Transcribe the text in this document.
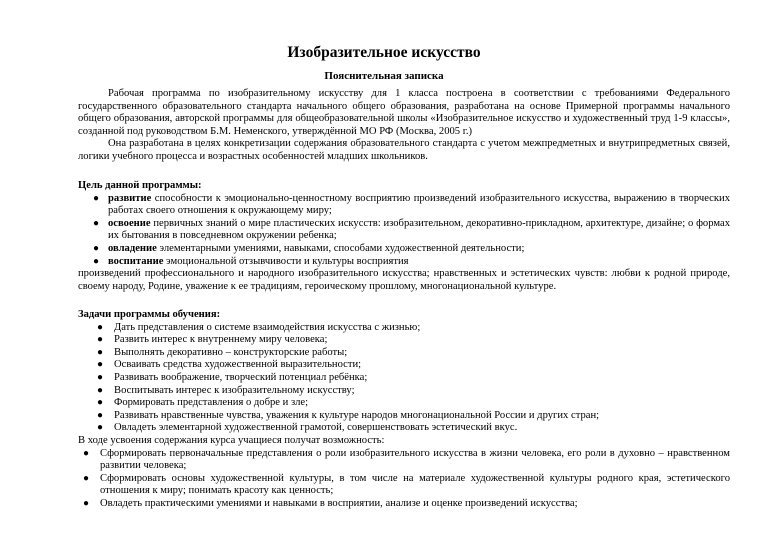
Изобразительное искусство
Пояснительная записка

Рабочая программа по изобразительному искусству для 1 класса построена в соответствии с требованиями Федерального государственного образовательного стандарта начального общего образования, разработана на основе Примерной программы начального общего образования, авторской программы для общеобразовательной школы «Изобразительное искусство и художественный труд 1-9 классы», созданной под руководством Б.М. Неменского, утверждённой МО РФ (Москва, 2005 г.)

Она разработана в целях конкретизации содержания образовательного стандарта с учетом межпредметных и внутрипредметных связей, логики учебного процесса и возрастных особенностей младших школьников.

Цель данной программы:

● развитие способности к эмоционально-ценностному восприятию произведений изобразительного искусства, выражению в творческих работах своего отношения к окружающему миру;
● освоение первичных знаний о мире пластических искусств: изобразительном, декоративно-прикладном, архитектуре, дизайне; о формах их бытования в повседневном окружении ребенка;
● овладение элементарными умениями, навыками, способами художественной деятельности;
● воспитание эмоциональной отзывчивости и культуры восприятия

произведений профессионального и народного изобразительного искусства; нравственных и эстетических чувств: любви к родной природе, своему народу, Родине, уважение к ее традициям, героическому прошлому, многонациональной культуре.

Задачи программы обучения:

● Дать представления о системе взаимодействия искусства с жизнью;
● Развить интерес к внутреннему миру человека;
● Выполнять декоративно – конструкторские работы;
● Осваивать средства художественной выразительности;
● Развивать воображение, творческий потенциал ребёнка;
● Воспитывать интерес к изобразительному искусству;
● Формировать представления о добре и зле;
● Развивать нравственные чувства, уважения к культуре народов многонациональной России и других стран;
● Овладеть элементарной художественной грамотой, совершенствовать эстетический вкус.

В ходе усвоения содержания курса учащиеся получат возможность:

● Сформировать первоначальные представления о роли изобразительного искусства в жизни человека, его роли в духовно – нравственном развитии человека;
● Сформировать основы художественной культуры, в том числе на материале художественной культуры родного края, эстетического отношения к миру; понимать красоту как ценность;
● Овладеть практическими умениями и навыками в восприятии, анализе и оценке произведений искусства;
